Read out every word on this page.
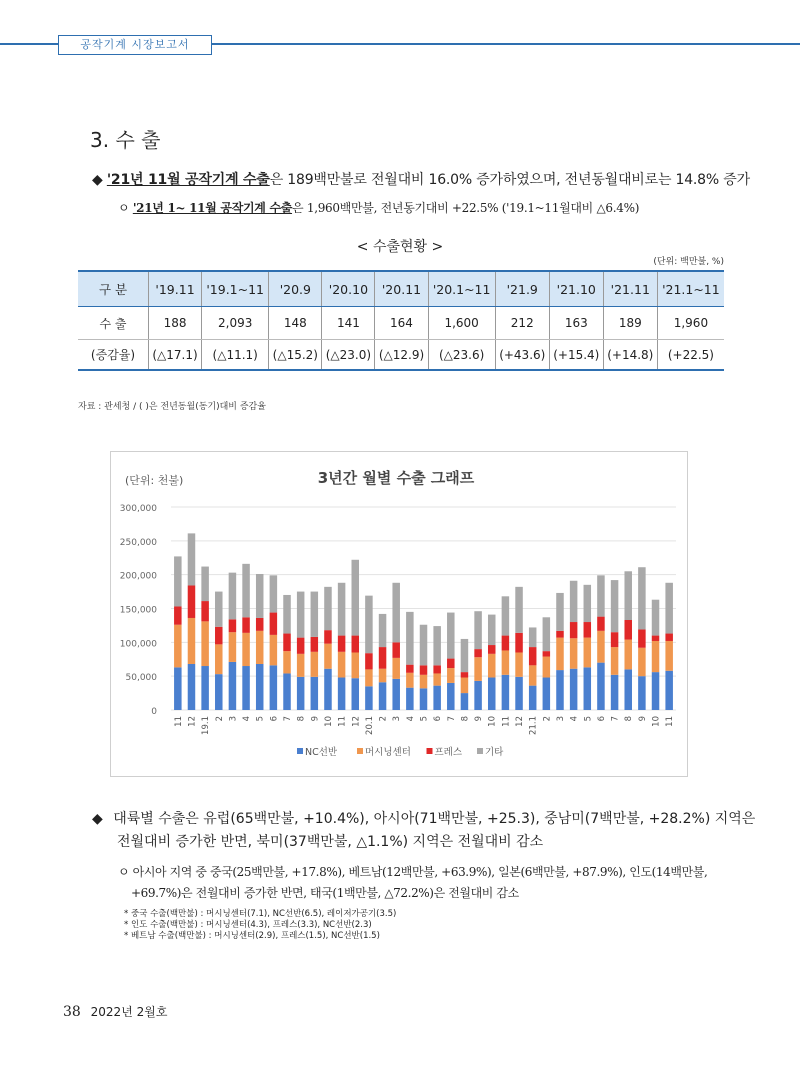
공작기계 시장보고서
3. 수 출
◆ '21년 11월 공작기계 수출은 189백만불로 전월대비 16.0% 증가하였으며, 전년동월대비로는 14.8% 증가
ㅇ '21년 1~ 11월 공작기계 수출은 1,960백만불, 전년동기대비 +22.5% ('19.1~11월대비 △6.4%)
< 수출현황 >
(단위: 백만불, %)
구 분	'19.11	'19.1~11	'20.9	'20.10	'20.11	'20.1~11	'21.9	'21.10	'21.11	'21.1~11
수 출	188	2,093	148	141	164	1,600	212	163	189	1,960
(증감율)	(△17.1)	(△11.1)	(△15.2)	(△23.0)	(△12.9)	(△23.6)	(+43.6)	(+15.4)	(+14.8)	(+22.5)
자료 : 관세청 / ( )은 전년동월(동기)대비 증감율
(단위: 천불)	3년간 월별 수출 그래프
300,000
250,000
200,000
150,000
100,000
50,000
0
11 12 19.1 2 3 4 5 6 7 8 9 10 11 12 20.1 2 3 4 5 6 7 8 9 10 11 12 21.1 2 3 4 5 6 7 8 9 10 11
NC선반	머시닝센터 프레스 기타
◆ 대륙별 수출은 유럽(65백만불, +10.4%), 아시아(71백만불, +25.3), 중남미(7백만불, +28.2%) 지역은
전월대비 증가한 반면, 북미(37백만불, △1.1%) 지역은 전월대비 감소
ㅇ 아시아 지역 중 중국(25백만불, +17.8%), 베트남(12백만불, +63.9%), 일본(6백만불, +87.9%), 인도(14백만불,
+69.7%)은 전월대비 증가한 반면, 태국(1백만불, △72.2%)은 전월대비 감소
* 중국 수출(백만불) : 머시닝센터(7.1), NC선반(6.5), 레이저가공기(3.5)
* 인도 수출(백만불) : 머시닝센터(4.3), 프레스(3.3), NC선반(2.3)
* 베트남 수출(백만불) : 머시닝센터(2.9), 프레스(1.5), NC선반(1.5)
38 2022년 2월호
